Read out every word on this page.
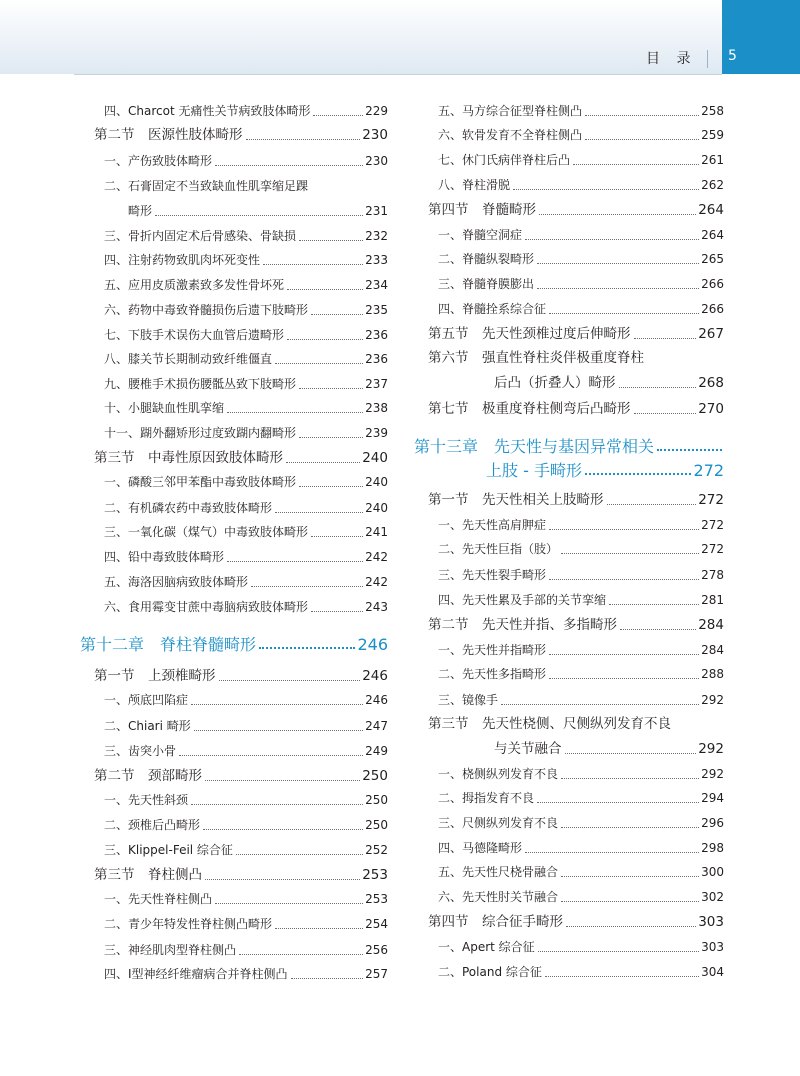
目 录 5
四、Charcot 无痛性关节病致肢体畸形	229
第二节　医源性肢体畸形	230
一、产伤致肢体畸形	230
二、石膏固定不当致缺血性肌挛缩足踝
畸形	231
三、骨折内固定术后骨感染、骨缺损	232
四、注射药物致肌肉坏死变性	233
五、应用皮质激素致多发性骨坏死	234
六、药物中毒致脊髓损伤后遗下肢畸形	235
七、下肢手术误伤大血管后遗畸形	236
八、膝关节长期制动致纤维僵直	236
九、腰椎手术损伤腰骶丛致下肢畸形	237
十、小腿缺血性肌挛缩	238
十一、䠒外翻矫形过度致䠒内翻畸形	239
第三节　中毒性原因致肢体畸形	240
一、磷酸三邻甲苯酯中毒致肢体畸形	240
二、有机磷农药中毒致肢体畸形	240
三、一氧化碳（煤气）中毒致肢体畸形	241
四、铅中毒致肢体畸形	242
五、海洛因脑病致肢体畸形	242
六、食用霉变甘蔗中毒脑病致肢体畸形	243
第十二章　脊柱脊髓畸形	246
第一节　上颈椎畸形	246
一、颅底凹陷症	246
二、Chiari 畸形	247
三、齿突小骨	249
第二节　颈部畸形	250
一、先天性斜颈	250
二、颈椎后凸畸形	250
三、Klippel-Feil 综合征	252
第三节　脊柱侧凸	253
一、先天性脊柱侧凸	253
二、青少年特发性脊柱侧凸畸形	254
三、神经肌肉型脊柱侧凸	256
四、Ⅰ型神经纤维瘤病合并脊柱侧凸	257
五、马方综合征型脊柱侧凸	258
六、软骨发育不全脊柱侧凸	259
七、休门氏病伴脊柱后凸	261
八、脊柱滑脱	262
第四节　脊髓畸形	264
一、脊髓空洞症	264
二、脊髓纵裂畸形	265
三、脊髓脊膜膨出	266
四、脊髓拴系综合征	266
第五节　先天性颈椎过度后伸畸形	267
第六节　强直性脊柱炎伴极重度脊柱
后凸（折叠人）畸形	268
第七节　极重度脊柱侧弯后凸畸形	270
第十三章　先天性与基因异常相关
上肢 - 手畸形	272
第一节　先天性相关上肢畸形	272
一、先天性高肩胛症	272
二、先天性巨指（肢）	272
三、先天性裂手畸形	278
四、先天性累及手部的关节挛缩	281
第二节　先天性并指、多指畸形	284
一、先天性并指畸形	284
二、先天性多指畸形	288
三、镜像手	292
第三节　先天性桡侧、尺侧纵列发育不良
与关节融合	292
一、桡侧纵列发育不良	292
二、拇指发育不良	294
三、尺侧纵列发育不良	296
四、马德隆畸形	298
五、先天性尺桡骨融合	300
六、先天性肘关节融合	302
第四节　综合征手畸形	303
一、Apert 综合征	303
二、Poland 综合征	304
